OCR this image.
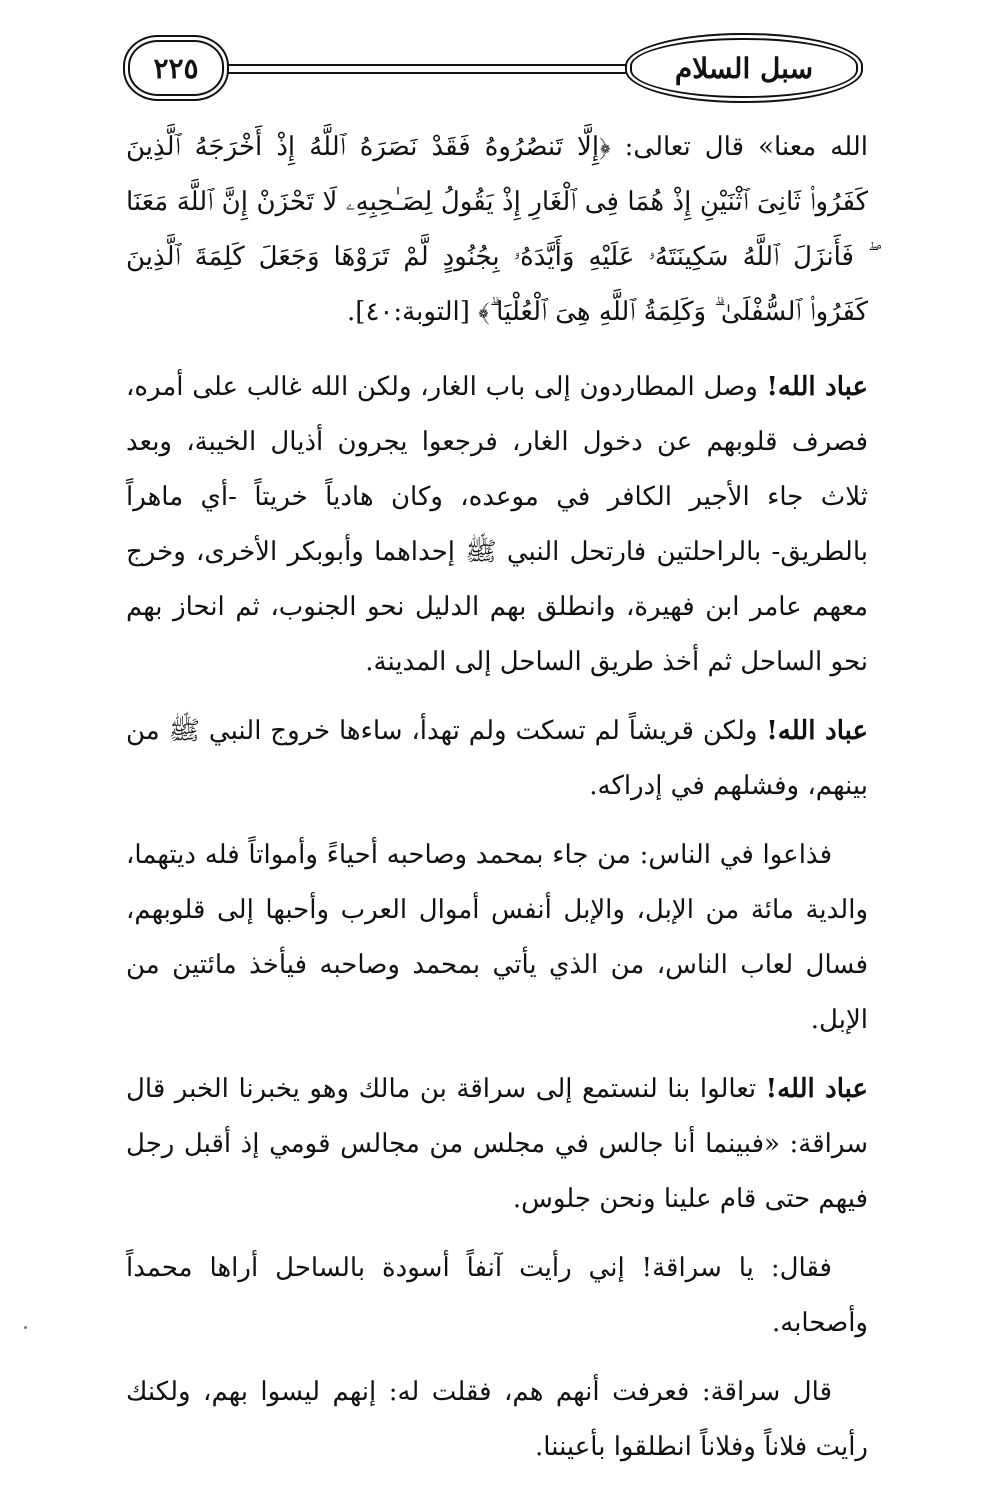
٢٢٥	سبل السلام

الله معنا» قال تعالى: ﴿إِلَّا تَنصُرُوهُ فَقَدْ نَصَرَهُ ٱللَّهُ إِذْ أَخْرَجَهُ ٱلَّذِينَ كَفَرُوا۟ ثَانِىَ ٱثْنَيْنِ إِذْ هُمَا فِى ٱلْغَارِ إِذْ يَقُولُ لِصَـٰحِبِهِۦ لَا تَحْزَنْ إِنَّ ٱللَّهَ مَعَنَا ۖ فَأَنزَلَ ٱللَّهُ سَكِينَتَهُۥ عَلَيْهِ وَأَيَّدَهُۥ بِجُنُودٍ لَّمْ تَرَوْهَا وَجَعَلَ كَلِمَةَ ٱلَّذِينَ كَفَرُوا۟ ٱلسُّفْلَىٰ ۗ وَكَلِمَةُ ٱللَّهِ هِىَ ٱلْعُلْيَا ۗ﴾ [التوبة:٤٠].

عباد الله! وصل المطاردون إلى باب الغار، ولكن الله غالب على أمره، فصرف قلوبهم عن دخول الغار، فرجعوا يجرون أذيال الخيبة، وبعد ثلاث جاء الأجير الكافر في موعده، وكان هادياً خريتاً -أي ماهراً بالطريق- بالراحلتين فارتحل النبي ﷺ إحداهما وأبوبكر الأخرى، وخرج معهم عامر ابن فهيرة، وانطلق بهم الدليل نحو الجنوب، ثم انحاز بهم نحو الساحل ثم أخذ طريق الساحل إلى المدينة.

عباد الله! ولكن قريشاً لم تسكت ولم تهدأ، ساءها خروج النبي ﷺ من بينهم، وفشلهم في إدراكه.

فذاعوا في الناس: من جاء بمحمد وصاحبه أحياءً وأمواتاً فله ديتهما، والدية مائة من الإبل، والإبل أنفس أموال العرب وأحبها إلى قلوبهم، فسال لعاب الناس، من الذي يأتي بمحمد وصاحبه فيأخذ مائتين من الإبل.

عباد الله! تعالوا بنا لنستمع إلى سراقة بن مالك وهو يخبرنا الخبر قال سراقة: «فبينما أنا جالس في مجلس من مجالس قومي إذ أقبل رجل فيهم حتى قام علينا ونحن جلوس.

فقال: يا سراقة! إني رأيت آنفاً أسودة بالساحل أراها محمداً وأصحابه.

قال سراقة: فعرفت أنهم هم، فقلت له: إنهم ليسوا بهم، ولكنك رأيت فلاناً وفلاناً انطلقوا بأعيننا.
